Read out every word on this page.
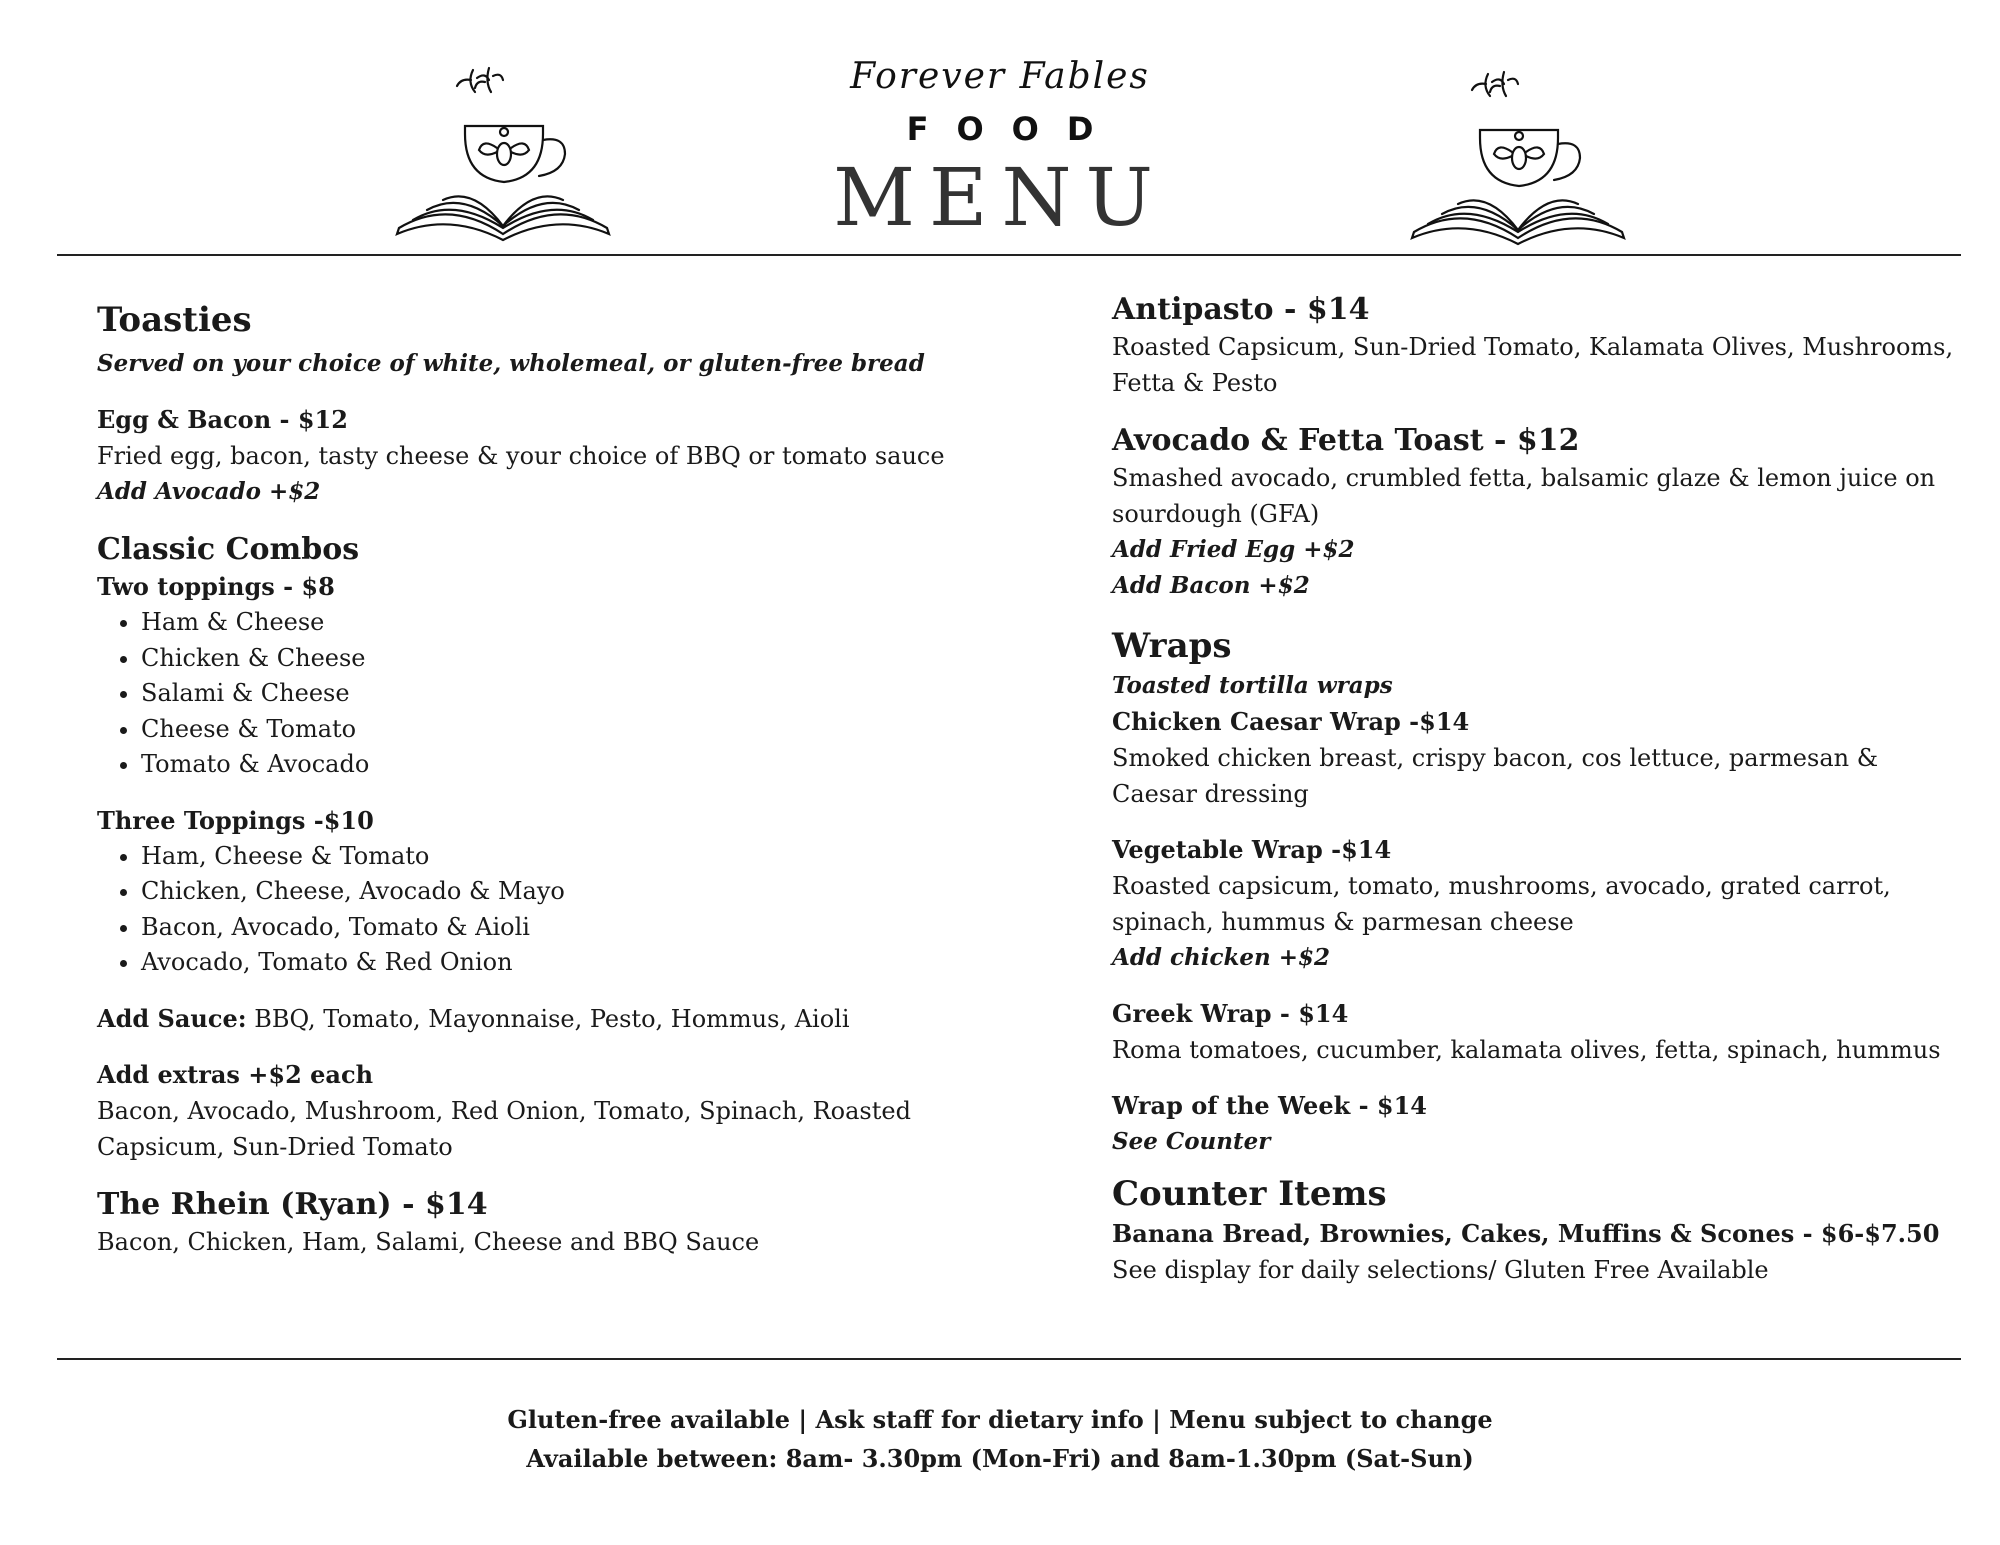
Forever Fables
FOOD
MENU
Toasties
Served on your choice of white, wholemeal, or gluten-free bread
Egg & Bacon - $12
Fried egg, bacon, tasty cheese & your choice of BBQ or tomato sauce
Add Avocado +$2
Classic Combos
Two toppings - $8
• Ham & Cheese
• Chicken & Cheese
• Salami & Cheese
• Cheese & Tomato
• Tomato & Avocado
Three Toppings -$10
• Ham, Cheese & Tomato
• Chicken, Cheese, Avocado & Mayo
• Bacon, Avocado, Tomato & Aioli
• Avocado, Tomato & Red Onion
Add Sauce: BBQ, Tomato, Mayonnaise, Pesto, Hommus, Aioli
Add extras +$2 each
Bacon, Avocado, Mushroom, Red Onion, Tomato, Spinach, Roasted
Capsicum, Sun-Dried Tomato
The Rhein (Ryan) - $14
Bacon, Chicken, Ham, Salami, Cheese and BBQ Sauce
Antipasto - $14
Roasted Capsicum, Sun-Dried Tomato, Kalamata Olives, Mushrooms,
Fetta & Pesto
Avocado & Fetta Toast - $12
Smashed avocado, crumbled fetta, balsamic glaze & lemon juice on
sourdough (GFA)
Add Fried Egg +$2
Add Bacon +$2
Wraps
Toasted tortilla wraps
Chicken Caesar Wrap -$14
Smoked chicken breast, crispy bacon, cos lettuce, parmesan &
Caesar dressing
Vegetable Wrap -$14
Roasted capsicum, tomato, mushrooms, avocado, grated carrot,
spinach, hummus & parmesan cheese
Add chicken +$2
Greek Wrap - $14
Roma tomatoes, cucumber, kalamata olives, fetta, spinach, hummus
Wrap of the Week - $14
See Counter
Counter Items
Banana Bread, Brownies, Cakes, Muffins & Scones - $6-$7.50
See display for daily selections/ Gluten Free Available
Gluten-free available | Ask staff for dietary info | Menu subject to change
Available between: 8am- 3.30pm (Mon-Fri) and 8am-1.30pm (Sat-Sun)
